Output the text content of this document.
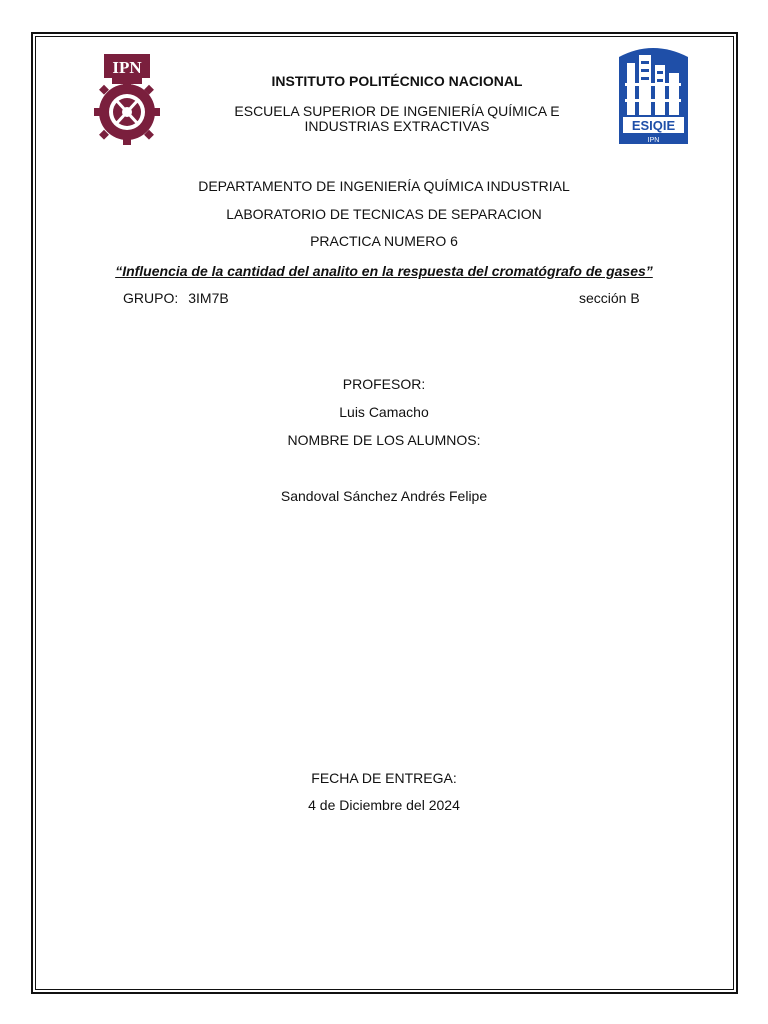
IPN
ESIQIE
IPN
INSTITUTO POLITÉCNICO NACIONAL
ESCUELA SUPERIOR DE INGENIERÍA QUÍMICA E INDUSTRIAS EXTRACTIVAS
DEPARTAMENTO DE INGENIERÍA QUÍMICA INDUSTRIAL
LABORATORIO DE TECNICAS DE SEPARACION
PRACTICA NUMERO 6
“Influencia de la cantidad del analito en la respuesta del cromatógrafo de gases”
GRUPO: 3IM7B	sección B
PROFESOR:
Luis Camacho
NOMBRE DE LOS ALUMNOS:
Sandoval Sánchez Andrés Felipe
FECHA DE ENTREGA:
4 de Diciembre del 2024
